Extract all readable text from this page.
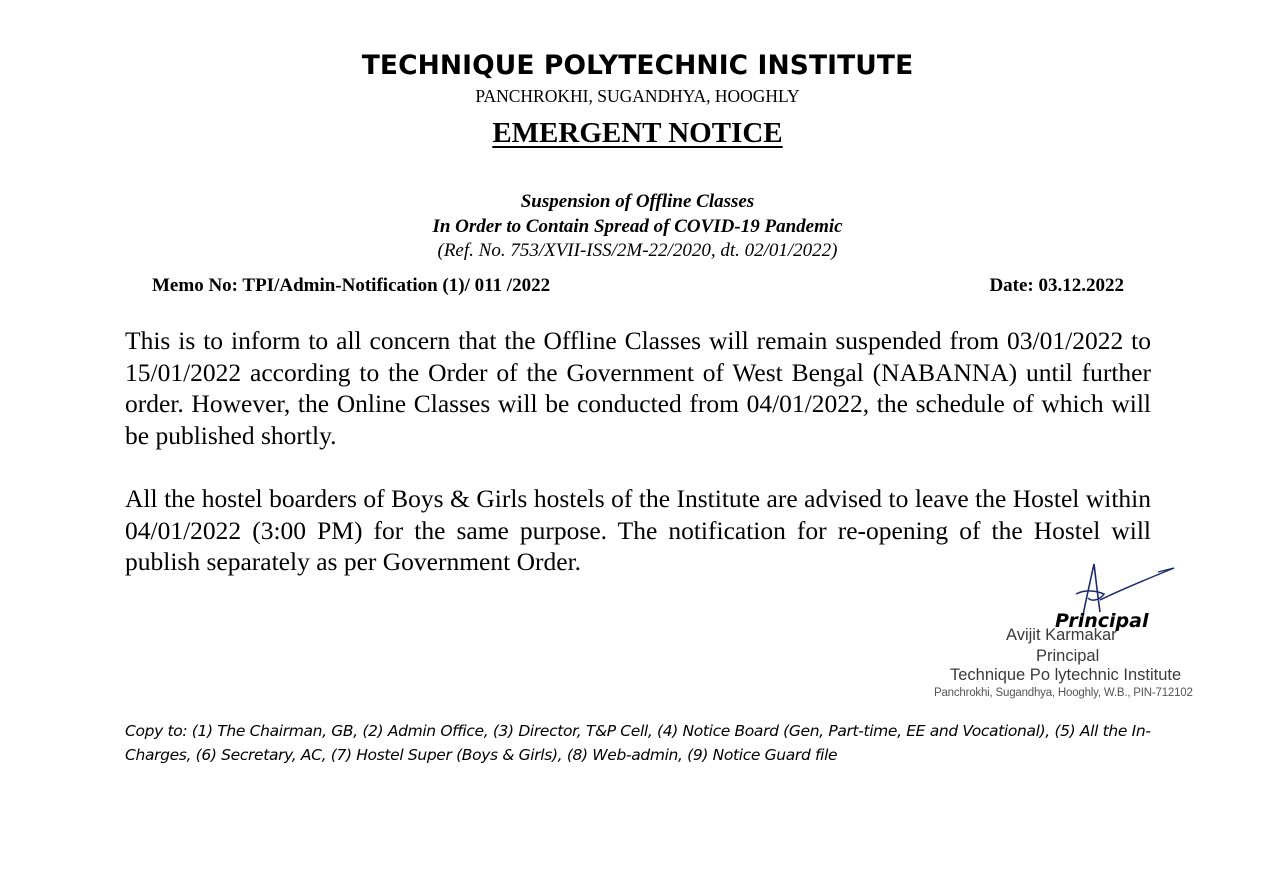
TECHNIQUE POLYTECHNIC INSTITUTE
PANCHROKHI, SUGANDHYA, HOOGHLY
EMERGENT NOTICE
Suspension of Offline Classes
In Order to Contain Spread of COVID-19 Pandemic
(Ref. No. 753/XVII-ISS/2M-22/2020, dt. 02/01/2022)
Memo No: TPI/Admin-Notification (1)/ 011 /2022	Date: 03.12.2022
This is to inform to all concern that the Offline Classes will remain suspended from 03/01/2022 to 15/01/2022 according to the Order of the Government of West Bengal (NABANNA) until further order. However, the Online Classes will be conducted from 04/01/2022, the schedule of which will be published shortly.
All the hostel boarders of Boys & Girls hostels of the Institute are advised to leave the Hostel within 04/01/2022 (3:00 PM) for the same purpose. The notification for re-opening of the Hostel will publish separately as per Government Order.
Avijit Karmakar
Principal
Principal
Technique Po lytechnic Institute
Panchrokhi, Sugandhya, Hooghly, W.B., PIN-712102
Copy to: (1) The Chairman, GB, (2) Admin Office, (3) Director, T&P Cell, (4) Notice Board (Gen, Part-time, EE and Vocational), (5) All the In-Charges, (6) Secretary, AC, (7) Hostel Super (Boys & Girls), (8) Web-admin, (9) Notice Guard file
